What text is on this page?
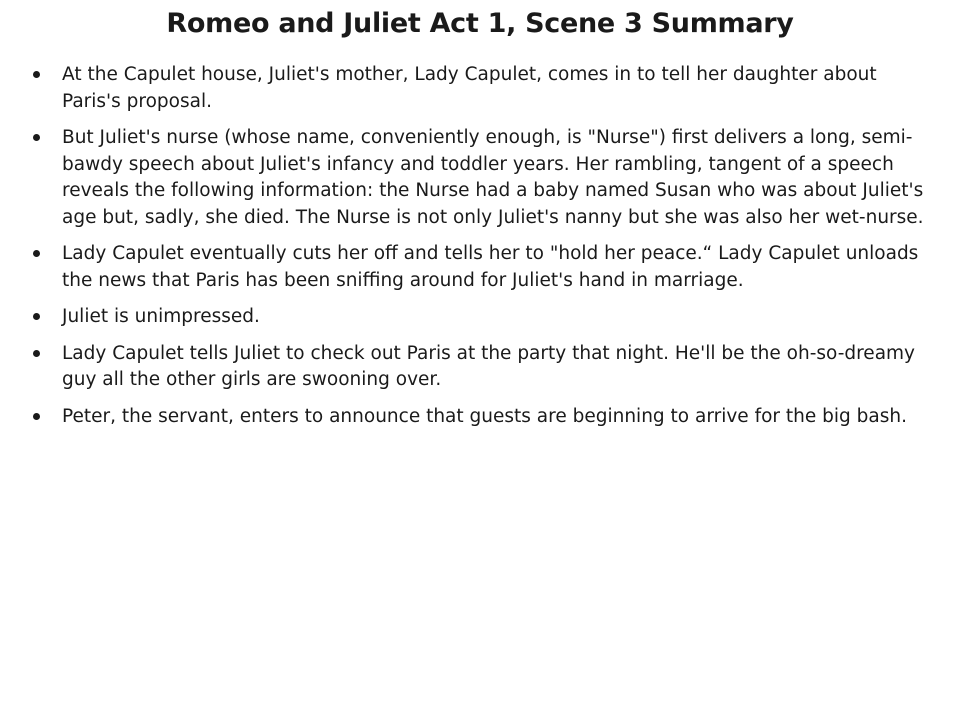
Romeo and Juliet Act 1, Scene 3 Summary
At the Capulet house, Juliet's mother, Lady Capulet, comes in to tell her daughter about Paris's proposal.
But Juliet's nurse (whose name, conveniently enough, is "Nurse") first delivers a long, semi-bawdy speech about Juliet's infancy and toddler years. Her rambling, tangent of a speech reveals the following information: the Nurse had a baby named Susan who was about Juliet's age but, sadly, she died. The Nurse is not only Juliet's nanny but she was also her wet-nurse.
Lady Capulet eventually cuts her off and tells her to "hold her peace.“ Lady Capulet unloads the news that Paris has been sniffing around for Juliet's hand in marriage.
Juliet is unimpressed.
Lady Capulet tells Juliet to check out Paris at the party that night. He'll be the oh-so-dreamy guy all the other girls are swooning over.
Peter, the servant, enters to announce that guests are beginning to arrive for the big bash.
